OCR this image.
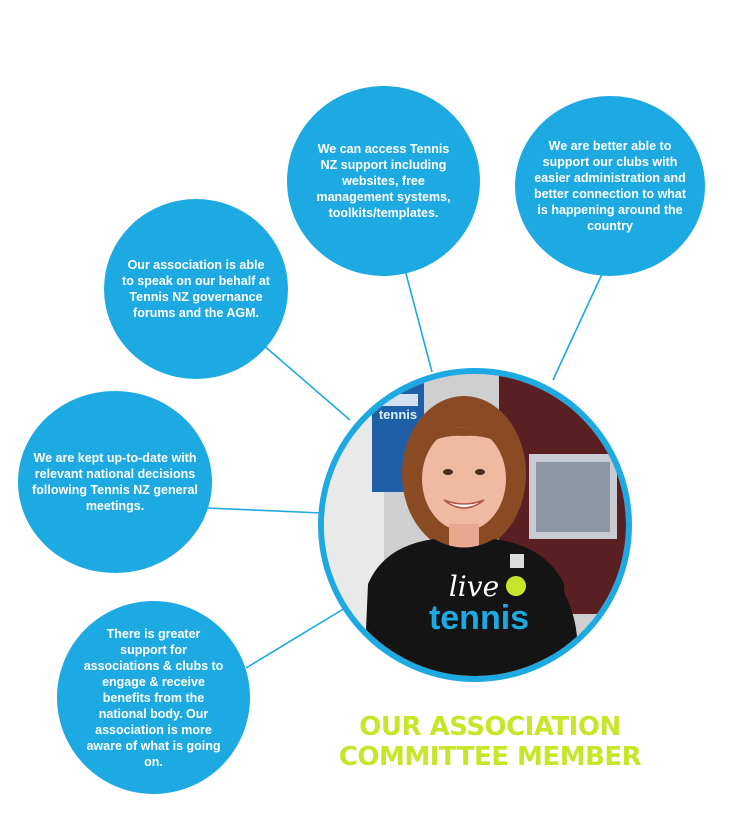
We can access Tennis NZ support including websites, free management systems, toolkits/templates.
We are better able to support our clubs with easier administration and better connection to what is happening around the country
Our association is able to speak on our behalf at Tennis NZ governance forums and the AGM.
We are kept up-to-date with relevant national decisions following Tennis NZ general meetings.
There is greater support for associations & clubs to engage & receive benefits from the national body. Our association is more aware of what is going on.
tennis
live
tennis
OUR ASSOCIATION
COMMITTEE MEMBER
